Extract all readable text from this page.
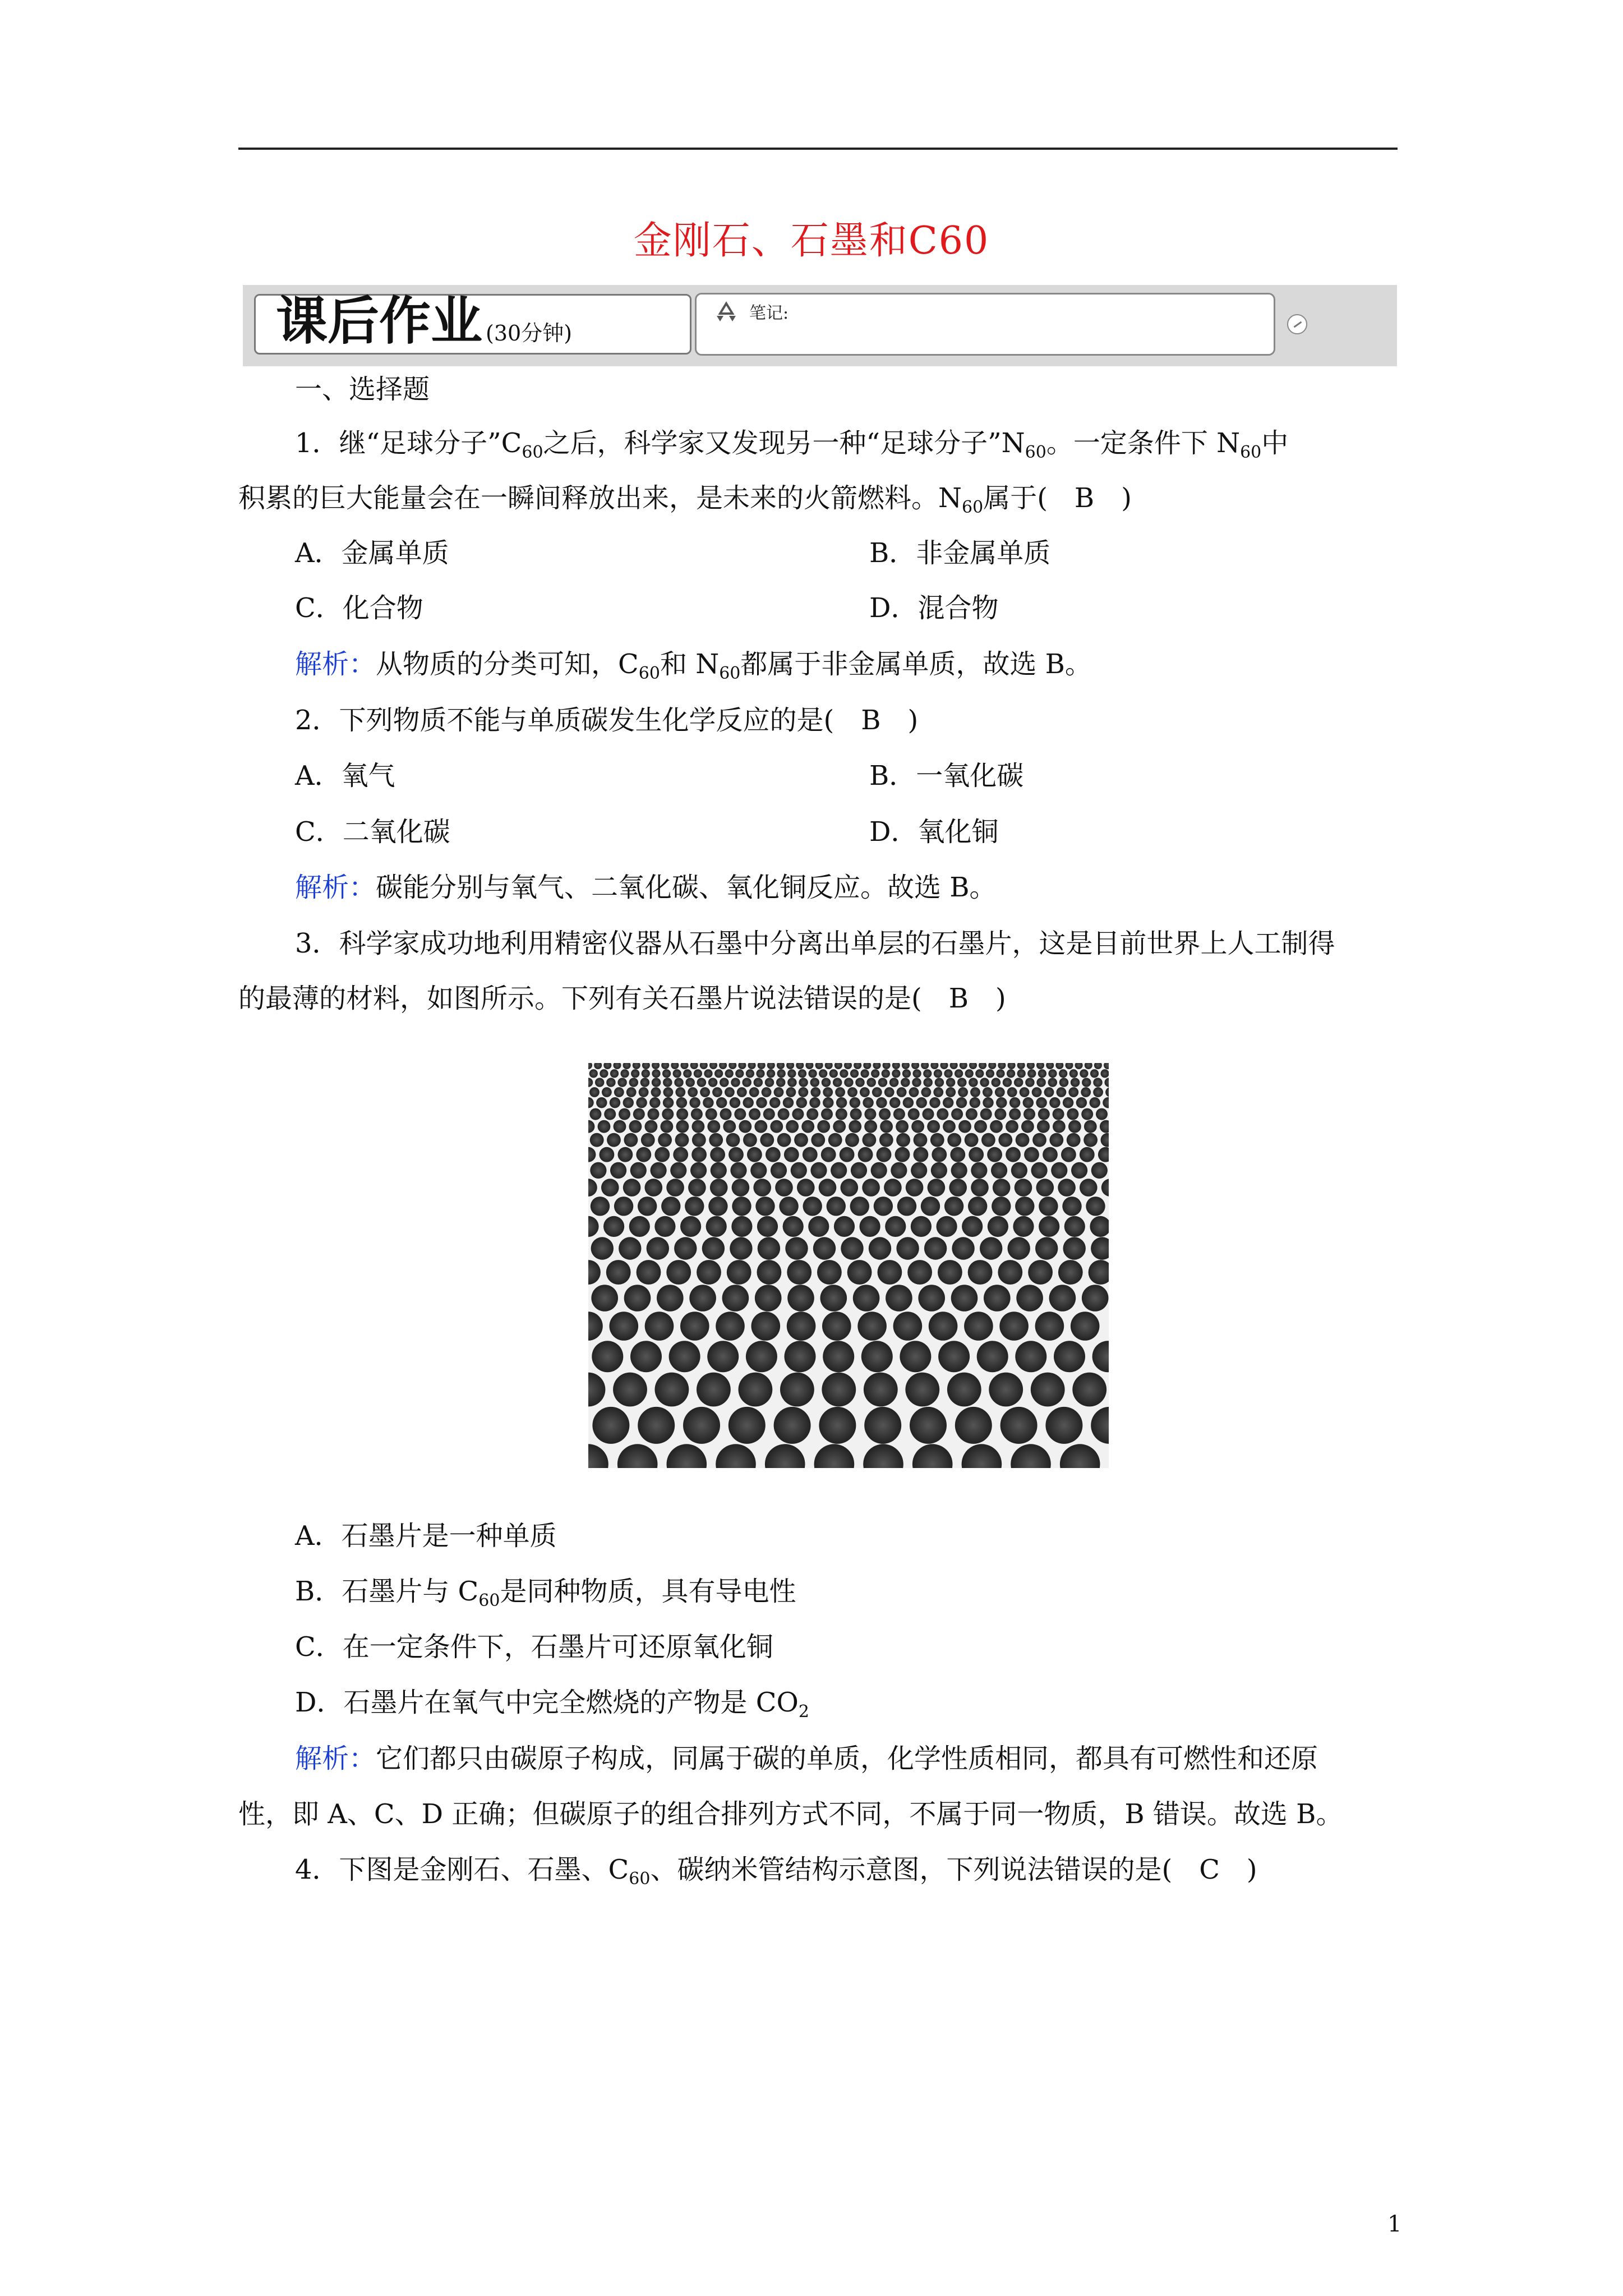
金刚石、石墨和C60
课后作业 (30分钟)
笔记:
一、选择题
1．继“足球分子$”C_{60}$之后，科学家又发现另一种“足球分子$”N_{60}$。一定条件下 $N_{60}$中
积累的巨大能量会在一瞬间释放出来，是未来的火箭燃料。$N_{60}$属于(　B　)
A．金属单质	B．非金属单质
C．化合物	D．混合物
解析：从物质的分类可知，$C_{60}$和 $N_{60}$都属于非金属单质，故选 B。
2．下列物质不能与单质碳发生化学反应的是(　B　)
A．氧气	B．一氧化碳
C．二氧化碳	D．氧化铜
解析：碳能分别与氧气、二氧化碳、氧化铜反应。故选 B。
3．科学家成功地利用精密仪器从石墨中分离出单层的石墨片，这是目前世界上人工制得
的最薄的材料，如图所示。下列有关石墨片说法错误的是(　B　)
A．石墨片是一种单质
B．石墨片与 $C_{60}$是同种物质，具有导电性
C．在一定条件下，石墨片可还原氧化铜
D．石墨片在氧气中完全燃烧的产物是 $CO_2$
解析：它们都只由碳原子构成，同属于碳的单质，化学性质相同，都具有可燃性和还原
性，即 A、C、D 正确；但碳原子的组合排列方式不同，不属于同一物质，B 错误。故选 B。
4．下图是金刚石、石墨、$C_{60}$、碳纳米管结构示意图，下列说法错误的是(　C　)
1
